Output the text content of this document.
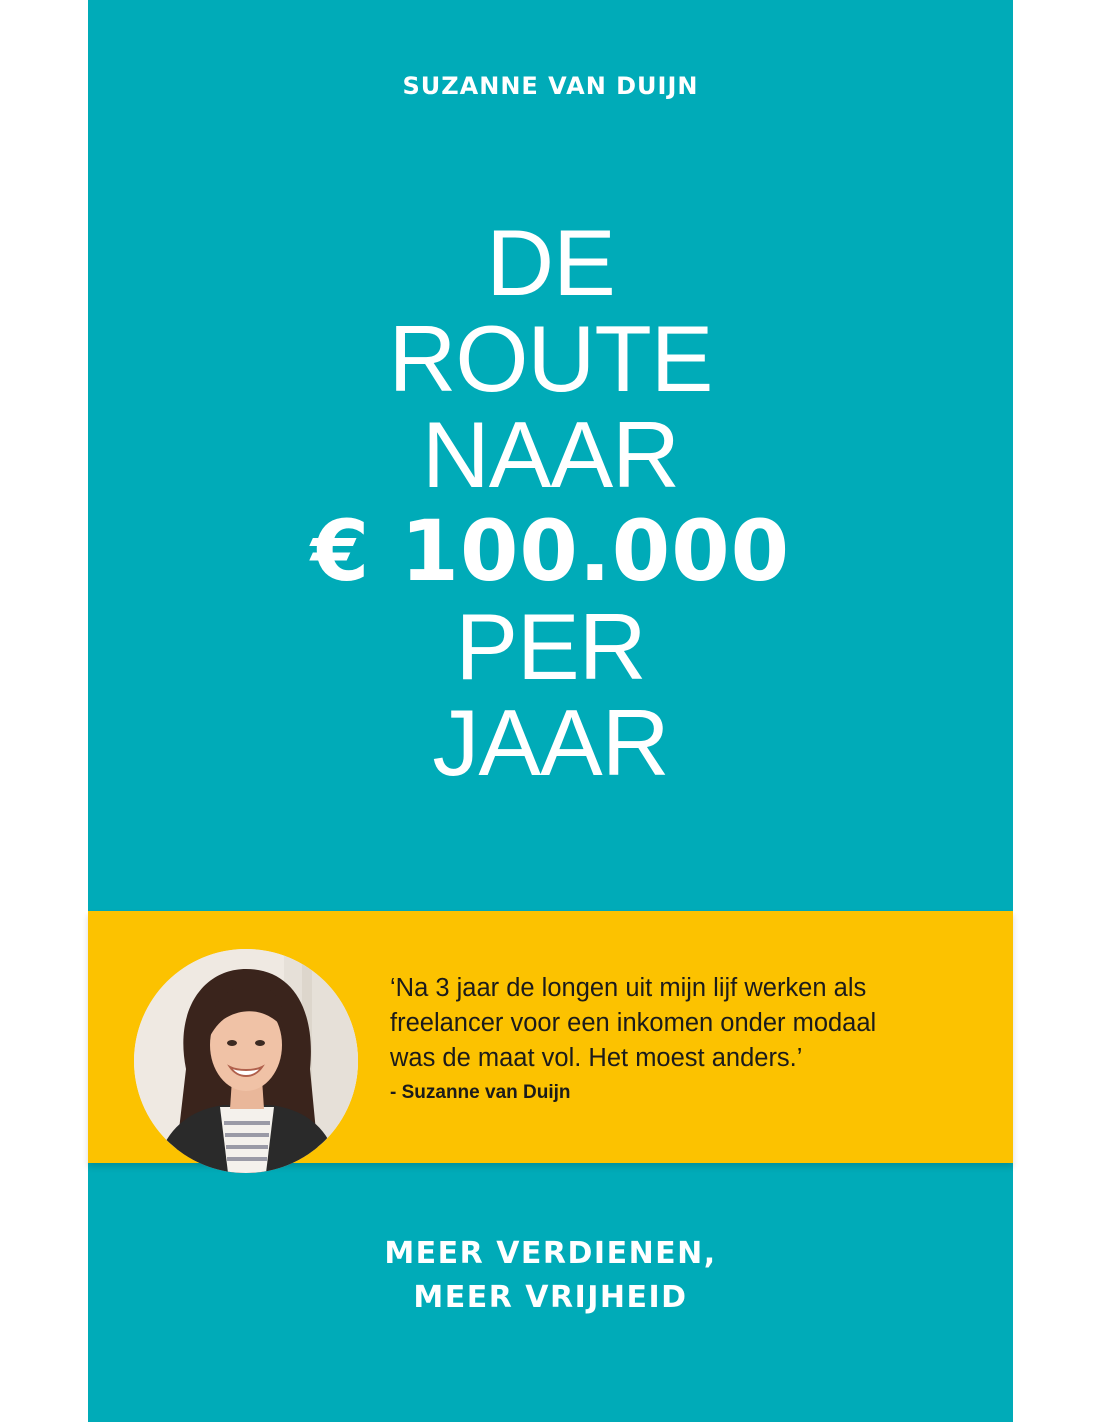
SUZANNE VAN DUIJN
DE
ROUTE
NAAR
€ 100.000
PER
JAAR
‘Na 3 jaar de longen uit mijn lijf werken als
freelancer voor een inkomen onder modaal
was de maat vol. Het moest anders.’
- Suzanne van Duijn
MEER VERDIENEN,
MEER VRIJHEID
